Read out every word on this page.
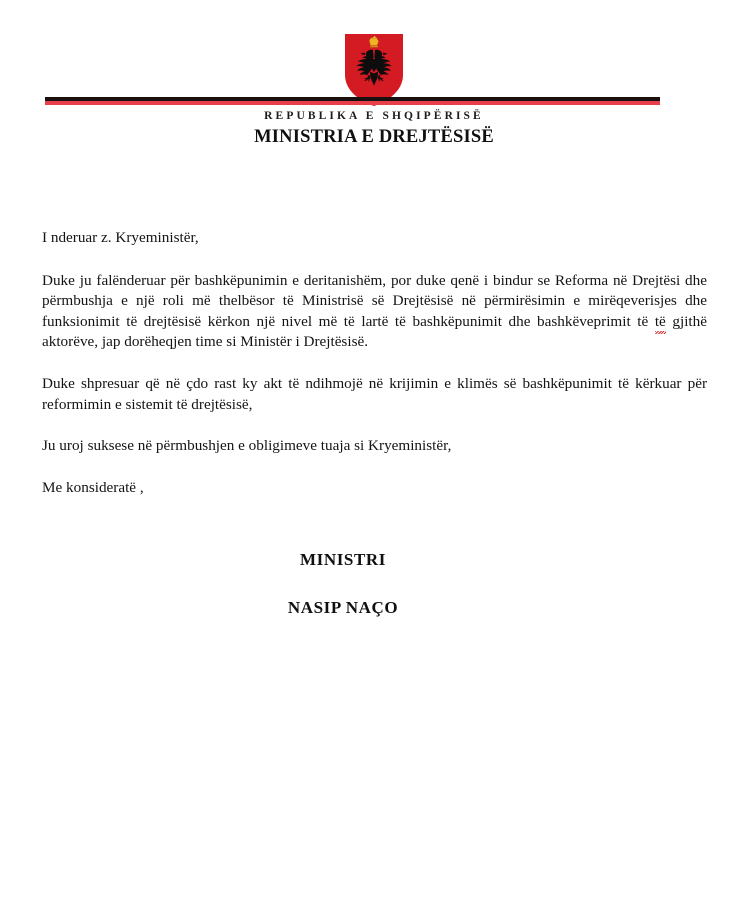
REPUBLIKA E SHQIPËRISË
MINISTRIA E DREJTËSISË

I nderuar z. Kryeministër,

Duke ju falënderuar për bashkëpunimin e deritanishëm, por duke qenë i bindur se Reforma në Drejtësi dhe përmbushja e një roli më thelbësor të Ministrisë së Drejtësisë në përmirësimin e mirëqeverisjes dhe funksionimit të drejtësisë kërkon një nivel më të lartë të bashkëpunimit dhe bashkëveprimit të të gjithë aktorëve, jap dorëheqjen time si Ministër i Drejtësisë.

Duke shpresuar që në çdo rast ky akt të ndihmojë në krijimin e klimës së bashkëpunimit të kërkuar për reformimin e sistemit të drejtësisë,

Ju uroj suksese në përmbushjen e obligimeve tuaja si Kryeministër,

Me konsideratë ,

MINISTRI
NASIP NAÇO
